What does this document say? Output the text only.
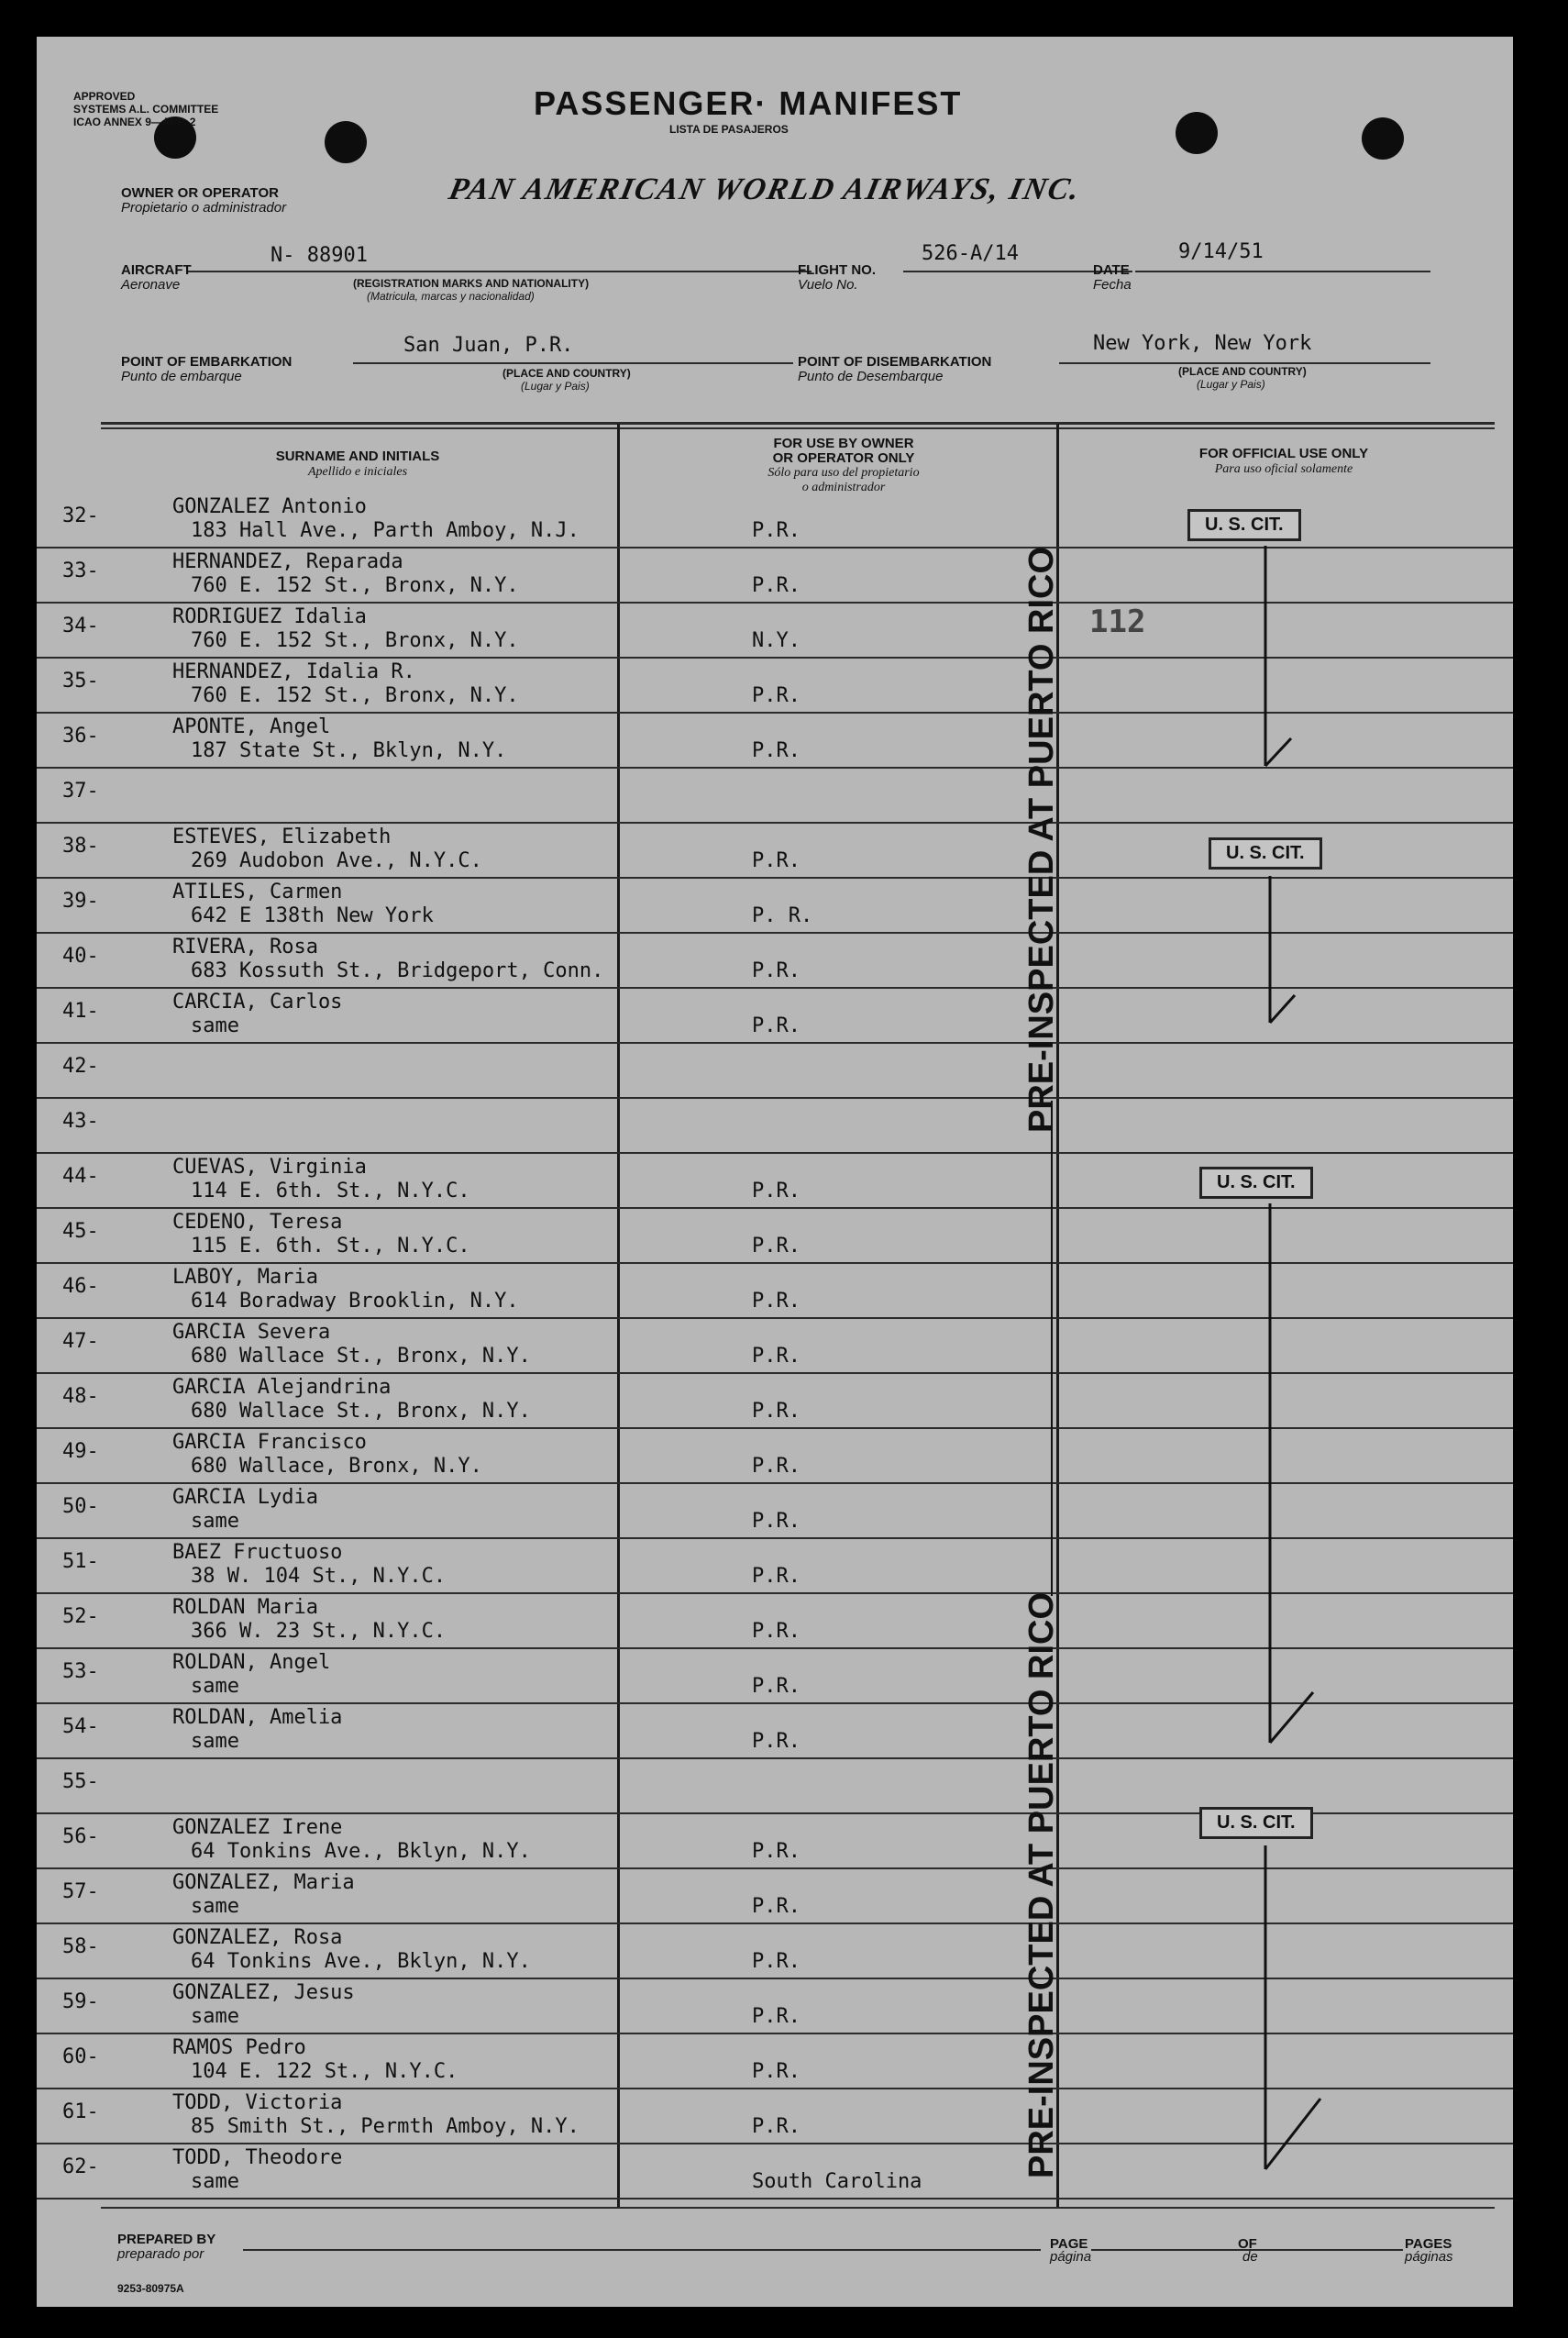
APPROVED
SYSTEMS A.L. COMMITTEE
ICAO ANNEX 9—APP. 2	PASSENGER· MANIFEST
LISTA DE PASAJEROS
OWNER OR OPERATOR
Propietario o administrador
PAN AMERICAN WORLD AIRWAYS, INC.
AIRCRAFT
Aeronave
N- 88901
(REGISTRATION MARKS AND NATIONALITY)
(Matricula, marcas y nacionalidad)
FLIGHT NO.
Vuelo No.
526-A/14
DATE
Fecha
9/14/51
POINT OF EMBARKATION
Punto de embarque
San Juan, P.R.
(PLACE AND COUNTRY)
(Lugar y Pais)
POINT OF DISEMBARKATION
Punto de Desembarque
New York, New York
(PLACE AND COUNTRY)
(Lugar y Pais)
SURNAME AND INITIALS
Apellido e iniciales
FOR USE BY OWNER
OR OPERATOR ONLY
Sólo para uso del propietario
o administrador
FOR OFFICIAL USE ONLY
Para uso oficial solamente
32-	GONZALEZ Antonio
183 Hall Ave., Parth Amboy, N.J.	P.R.
33-	HERNANDEZ, Reparada
760 E. 152 St., Bronx, N.Y.	P.R.
34-	RODRIGUEZ Idalia
760 E. 152 St., Bronx, N.Y.	N.Y.
35-	HERNANDEZ, Idalia R.
760 E. 152 St., Bronx, N.Y.	P.R.
36-	APONTE, Angel
187 State St., Bklyn, N.Y.	P.R.
37-
38-	ESTEVES, Elizabeth
269 Audobon Ave., N.Y.C.	P.R.
39-	ATILES, Carmen
642 E 138th New York	P. R.
40-	RIVERA, Rosa
683 Kossuth St., Bridgeport, Conn.	P.R.
41-	CARCIA, Carlos
same	P.R.
42-
43-
44-	CUEVAS, Virginia
114 E. 6th. St., N.Y.C.	P.R.
45-	CEDENO, Teresa
115 E. 6th. St., N.Y.C.	P.R.
46-	LABOY, Maria
614 Boradway Brooklin, N.Y.	P.R.
47-	GARCIA Severa
680 Wallace St., Bronx, N.Y.	P.R.
48-	GARCIA Alejandrina
680 Wallace St., Bronx, N.Y.	P.R.
49-	GARCIA Francisco
680 Wallace, Bronx, N.Y.	P.R.
50-	GARCIA Lydia
same	P.R.
51-	BAEZ Fructuoso
38 W. 104 St., N.Y.C.	P.R.
52-	ROLDAN Maria
366 W. 23 St., N.Y.C.	P.R.
53-	ROLDAN, Angel
same	P.R.
54-	ROLDAN, Amelia
same	P.R.
55-
56-	GONZALEZ Irene
64 Tonkins Ave., Bklyn, N.Y.	P.R.
57-	GONZALEZ, Maria
same	P.R.
58-	GONZALEZ, Rosa
64 Tonkins Ave., Bklyn, N.Y.	P.R.
59-	GONZALEZ, Jesus
same	P.R.
60-	RAMOS Pedro
104 E. 122 St., N.Y.C.	P.R.
61-	TODD, Victoria
85 Smith St., Permth Amboy, N.Y.	P.R.
62-	TODD, Theodore
same	South Carolina
U. S. CIT.
U. S. CIT.
U. S. CIT.
U. S. CIT.
112
PRE-INSPECTED AT PUERTO RICO
PRE-INSPECTED AT PUERTO RICO
PREPARED BY
preparado por
PAGE
página
OF
de
PAGES
páginas
9253-80975A
